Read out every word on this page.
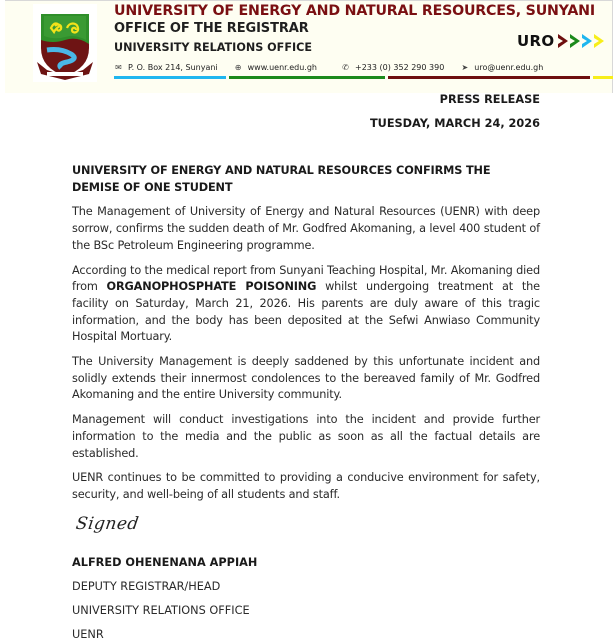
UNIVERSITY OF ENERGY AND NATURAL RESOURCES, SUNYANI
OFFICE OF THE REGISTRAR
UNIVERSITY RELATIONS OFFICE
✉ P. O. Box 214, Sunyani ⊕ www.uenr.edu.gh	✆ +233 (0) 352 290 390 ➤ uro@uenr.edu.gh
URO
PRESS RELEASE
TUESDAY, MARCH 24, 2026
UNIVERSITY OF ENERGY AND NATURAL RESOURCES CONFIRMS THE DEMISE OF ONE STUDENT

The Management of University of Energy and Natural Resources (UENR) with deep sorrow, confirms the sudden death of Mr. Godfred Akomaning, a level 400 student of the BSc Petroleum Engineering programme.

According to the medical report from Sunyani Teaching Hospital, Mr. Akomaning died from ORGANOPHOSPHATE POISONING whilst undergoing treatment at the facility on Saturday, March 21, 2026. His parents are duly aware of this tragic information, and the body has been deposited at the Sefwi Anwiaso Community Hospital Mortuary.

The University Management is deeply saddened by this unfortunate incident and solidly extends their innermost condolences to the bereaved family of Mr. Godfred Akomaning and the entire University community.

Management will conduct investigations into the incident and provide further information to the media and the public as soon as all the factual details are established.

UENR continues to be committed to providing a conducive environment for safety, security, and well-being of all students and staff.

Signed
ALFRED OHENENANA APPIAH
DEPUTY REGISTRAR/HEAD
UNIVERSITY RELATIONS OFFICE
UENR
